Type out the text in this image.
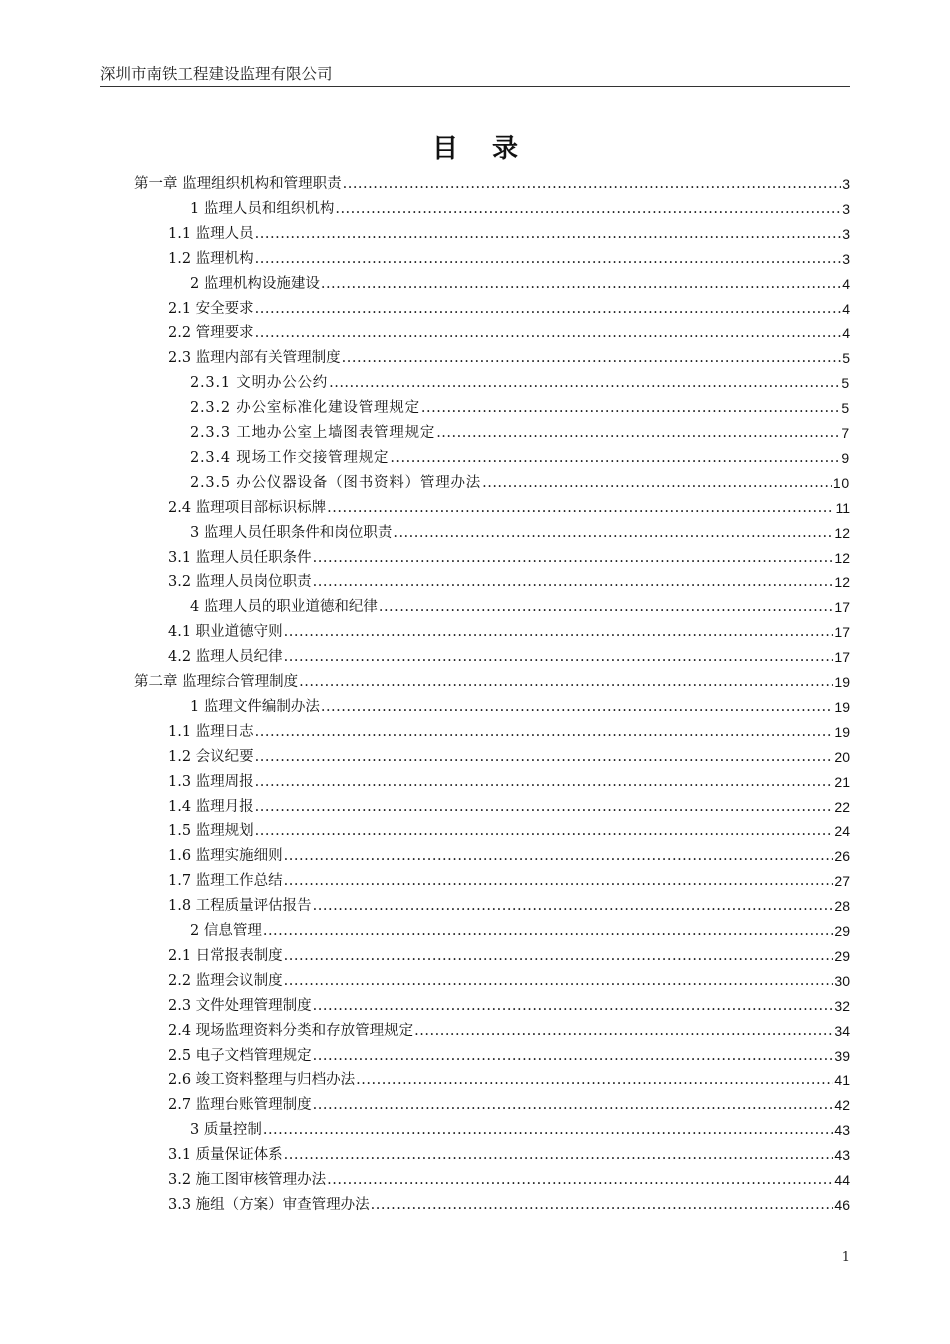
深圳市南铁工程建设监理有限公司
目录
第一章 监理组织机构和管理职责 .....	3
1 监理人员和组织机构 .....	3
1.1 监理人员 .....	3
1.2 监理机构 .....	3
2 监理机构设施建设 .....	4
2.1 安全要求 .....	4
2.2 管理要求 .....	4
2.3 监理内部有关管理制度 .....	5
2.3.1 文明办公公约 .....	5
2.3.2 办公室标准化建设管理规定 .....	5
2.3.3 工地办公室上墙图表管理规定 .....	7
2.3.4 现场工作交接管理规定 .....	9
2.3.5 办公仪器设备（图书资料）管理办法 .....	10
2.4 监理项目部标识标牌 .....	11
3 监理人员任职条件和岗位职责 .....	12
3.1 监理人员任职条件 .....	12
3.2 监理人员岗位职责 .....	12
4 监理人员的职业道德和纪律 .....	17
4.1 职业道德守则 .....	17
4.2 监理人员纪律 .....	17
第二章 监理综合管理制度 .....	19
1 监理文件编制办法 .....	19
1.1 监理日志 .....	19
1.2 会议纪要 .....	20
1.3 监理周报 .....	21
1.4 监理月报 .....	22
1.5 监理规划 .....	24
1.6 监理实施细则 .....	26
1.7 监理工作总结 .....	27
1.8 工程质量评估报告 .....	28
2 信息管理 .....	29
2.1 日常报表制度 .....	29
2.2 监理会议制度 .....	30
2.3 文件处理管理制度 .....	32
2.4 现场监理资料分类和存放管理规定 .....	34
2.5 电子文档管理规定 .....	39
2.6 竣工资料整理与归档办法 .....	41
2.7 监理台账管理制度 .....	42
3 质量控制 .....	43
3.1 质量保证体系 .....	43
3.2 施工图审核管理办法 .....	44
3.3 施组（方案）审查管理办法 .....	46
1
